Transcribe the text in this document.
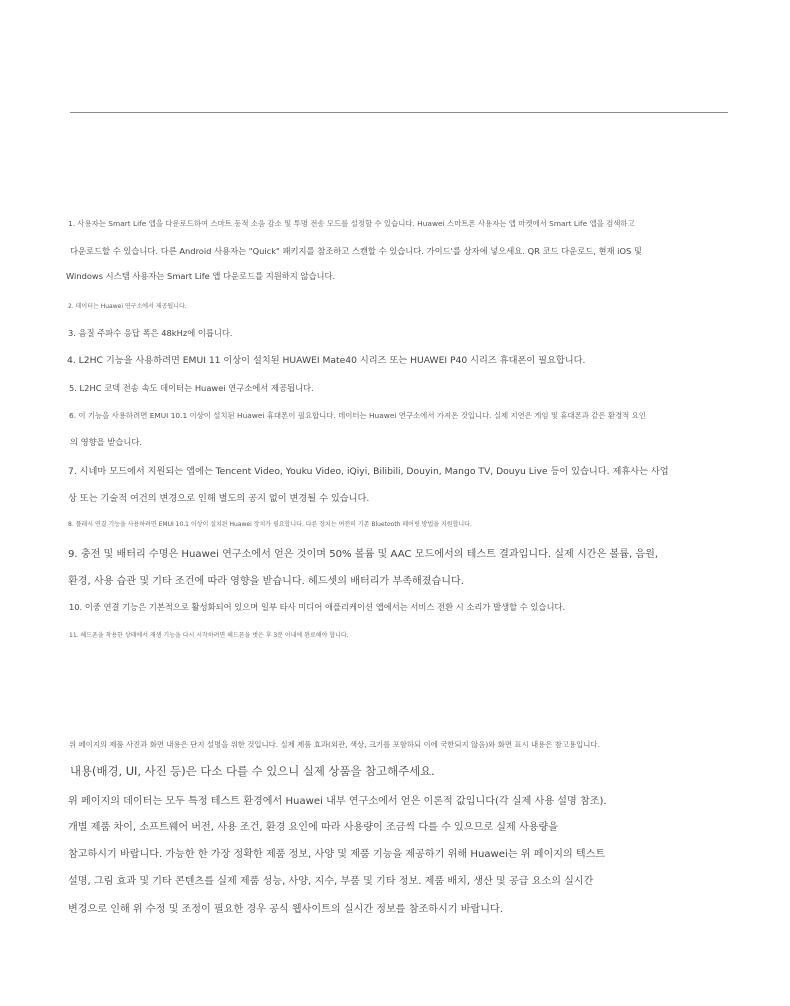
1. 사용자는 Smart Life 앱을 다운로드하여 스마트 동적 소음 감소 및 투명 전송 모드를 설정할 수 있습니다. Huawei 스마트폰 사용자는 앱 마켓에서 Smart Life 앱을 검색하고
다운로드할 수 있습니다. 다른 Android 사용자는 "Quick" 패키지를 참조하고 스캔할 수 있습니다. 가이드'를 상자에 넣으세요. QR 코드 다운로드, 현재 iOS 및
Windows 시스템 사용자는 Smart Life 앱 다운로드를 지원하지 않습니다.
2. 데이터는 Huawei 연구소에서 제공됩니다.
3. 음질 주파수 응답 폭은 48kHz에 이릅니다.
4. L2HC 기능을 사용하려면 EMUI 11 이상이 설치된 HUAWEI Mate40 시리즈 또는 HUAWEI P40 시리즈 휴대폰이 필요합니다.
5. L2HC 코덱 전송 속도 데이터는 Huawei 연구소에서 제공됩니다.
6. 이 기능을 사용하려면 EMUI 10.1 이상이 설치된 Huawei 휴대폰이 필요합니다. 데이터는 Huawei 연구소에서 가져온 것입니다. 실제 지연은 게임 및 휴대폰과 같은 환경적 요인
의 영향을 받습니다.
7. 시네마 모드에서 지원되는 앱에는 Tencent Video, Youku Video, iQiyi, Bilibili, Douyin, Mango TV, Douyu Live 등이 있습니다. 제휴사는 사업
상 또는 기술적 여건의 변경으로 인해 별도의 공지 없이 변경될 수 있습니다.
8. 플래시 연결 기능을 사용하려면 EMUI 10.1 이상이 설치된 Huawei 장치가 필요합니다. 다른 장치는 여전히 기존 Bluetooth 페어링 방법을 지원합니다.
9. 충전 및 배터리 수명은 Huawei 연구소에서 얻은 것이며 50% 볼륨 및 AAC 모드에서의 테스트 결과입니다. 실제 시간은 볼륨, 음원,
환경, 사용 습관 및 기타 조건에 따라 영향을 받습니다. 헤드셋의 배터리가 부족해졌습니다.
10. 이중 연결 기능은 기본적으로 활성화되어 있으며 일부 타사 미디어 애플리케이션 앱에서는 서비스 전환 시 소리가 발생할 수 있습니다.
11. 헤드폰을 착용한 상태에서 재생 기능을 다시 시작하려면 헤드폰을 벗은 후 3분 이내에 완료해야 합니다.
위 페이지의 제품 사진과 화면 내용은 단지 설명을 위한 것입니다. 실제 제품 효과(외관, 색상, 크기를 포함하되 이에 국한되지 않음)와 화면 표시 내용은 참고용입니다.
내용(배경, UI, 사진 등)은 다소 다를 수 있으니 실제 상품을 참고해주세요.
위 페이지의 데이터는 모두 특정 테스트 환경에서 Huawei 내부 연구소에서 얻은 이론적 값입니다(각 실제 사용 설명 참조).
개별 제품 차이, 소프트웨어 버전, 사용 조건, 환경 요인에 따라 사용량이 조금씩 다를 수 있으므로 실제 사용량을
참고하시기 바랍니다. 가능한 한 가장 정확한 제품 정보, 사양 및 제품 기능을 제공하기 위해 Huawei는 위 페이지의 텍스트
설명, 그림 효과 및 기타 콘텐츠를 실제 제품 성능, 사양, 지수, 부품 및 기타 정보. 제품 배치, 생산 및 공급 요소의 실시간
변경으로 인해 위 수정 및 조정이 필요한 경우 공식 웹사이트의 실시간 정보를 참조하시기 바랍니다.
